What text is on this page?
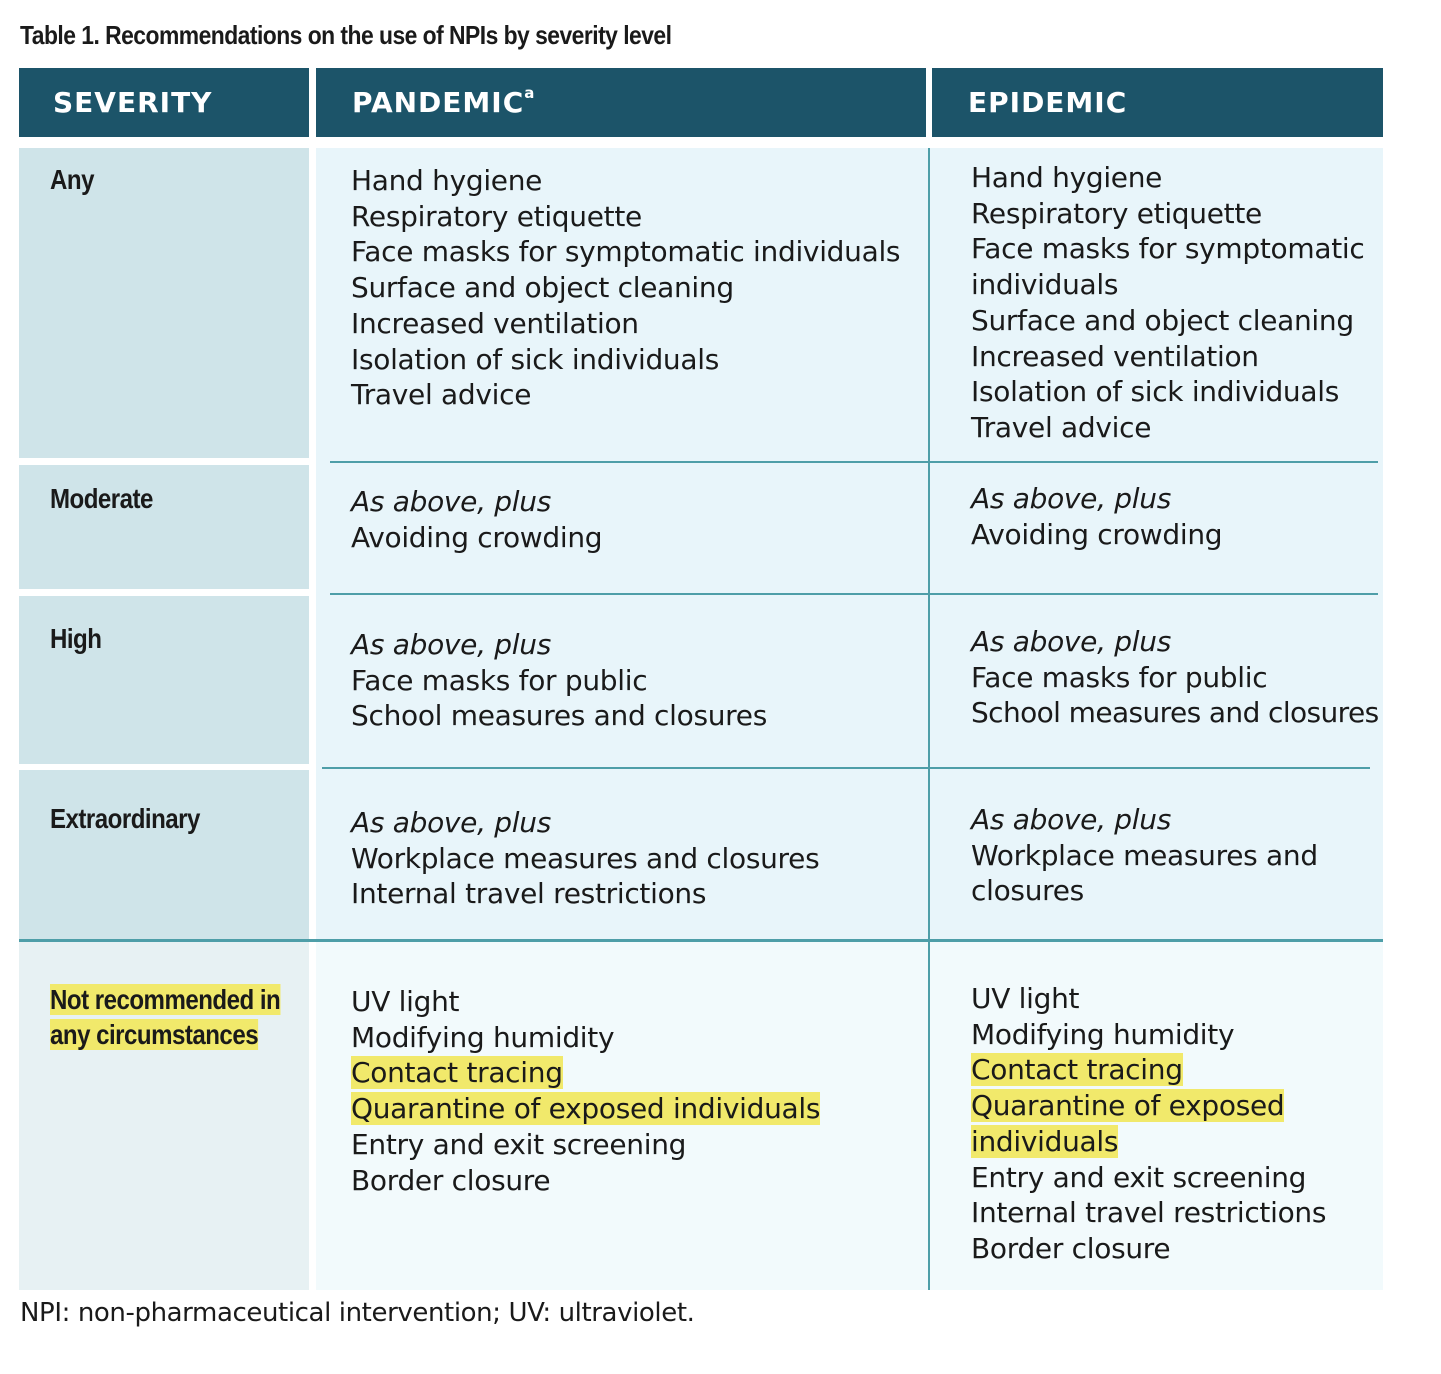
Table 1. Recommendations on the use of NPIs by severity level
SEVERITY	PANDEMIC$^a$	EPIDEMIC
Any
Moderate
High
Extraordinary
Not recommended in
any circumstances
Hand hygiene
Respiratory etiquette
Face masks for symptomatic individuals
Surface and object cleaning
Increased ventilation
Isolation of sick individuals
Travel advice
Hand hygiene
Respiratory etiquette
Face masks for symptomatic individuals
Surface and object cleaning
Increased ventilation
Isolation of sick individuals
Travel advice
As above, plus
Avoiding crowding
As above, plus
Avoiding crowding
As above, plus
Face masks for public
School measures and closures
As above, plus
Face masks for public
School measures and closures
As above, plus
Workplace measures and closures
Internal travel restrictions
As above, plus
Workplace measures and closures
UV light
Modifying humidity
Contact tracing
Quarantine of exposed individuals
Entry and exit screening
Border closure
UV light
Modifying humidity
Contact tracing
Quarantine of exposed individuals
Entry and exit screening
Internal travel restrictions
Border closure
NPI: non-pharmaceutical intervention; UV: ultraviolet.
